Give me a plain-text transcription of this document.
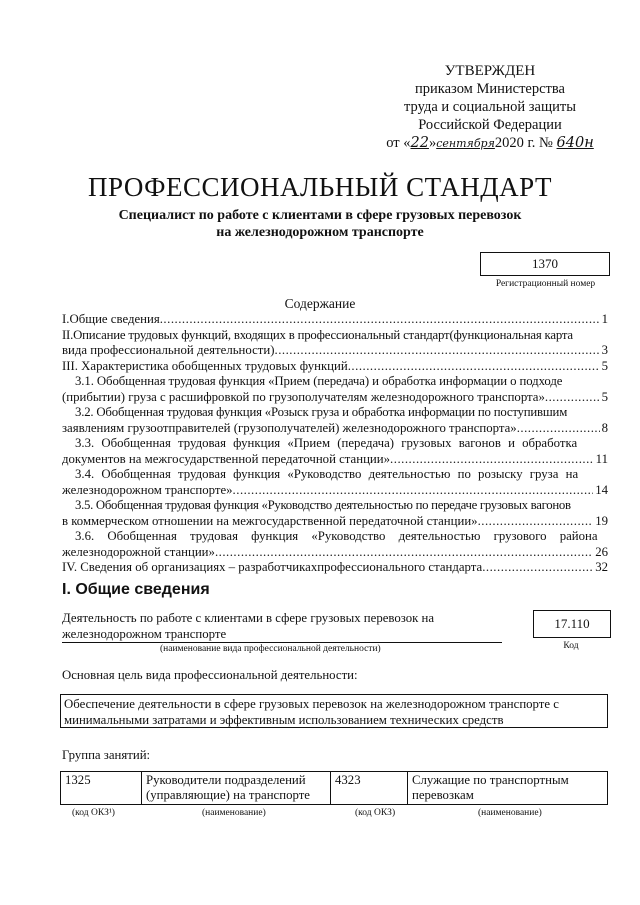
УТВЕРЖДЕН
приказом Министерства
труда и социальной защиты
Российской Федерации
от «22»сентября2020 г. № 640н
ПРОФЕССИОНАЛЬНЫЙ СТАНДАРТ
Специалист по работе с клиентами в сфере грузовых перевозок
на железнодорожном транспорте
1370
Регистрационный номер
Содержание
I.Общие сведения .....	1
II.Описание трудовых функций, входящих в профессиональный стандарт(функциональная карта
вида профессиональной деятельности) .....	3
III. Характеристика обобщенных трудовых функций .....	5
3.1. Обобщенная трудовая функция «Прием (передача) и обработка информации о подходе
(прибытии) груза с расшифровкой по грузополучателям железнодорожного транспорта» .....	5
3.2. Обобщенная трудовая функция «Розыск груза и обработка информации по поступившим
заявлениям грузоотправителей (грузополучателей) железнодорожного транспорта» .....	8
3.3. Обобщенная трудовая функция «Прием (передача) грузовых вагонов и обработка
документов на межгосударственной передаточной станции» .....	11
3.4. Обобщенная трудовая функция «Руководство деятельностью по розыску груза на
железнодорожном транспорте» .....	14
3.5. Обобщенная трудовая функция «Руководство деятельностью по передаче грузовых вагонов
в коммерческом отношении на межгосударственной передаточной станции» .....	19
3.6. Обобщенная трудовая функция «Руководство деятельностью грузового района
железнодорожной станции» .....	26
IV. Сведения об организациях – разработчикахпрофессионального стандарта .....	32
I. Общие сведения
Деятельность по работе с клиентами в сфере грузовых перевозок на
железнодорожном транспорте
(наименование вида профессиональной деятельности)
17.110
Код
Основная цель вида профессиональной деятельности:
Обеспечение деятельности в сфере грузовых перевозок на железнодорожном транспорте с минимальными затратами и эффективным использованием технических средств
Группа занятий:
1325	Руководители подразделений (управляющие) на транспорте	4323	Служащие по транспортным перевозкам
(код ОКЗ¹)	(наименование)	(код ОКЗ)	(наименование)
